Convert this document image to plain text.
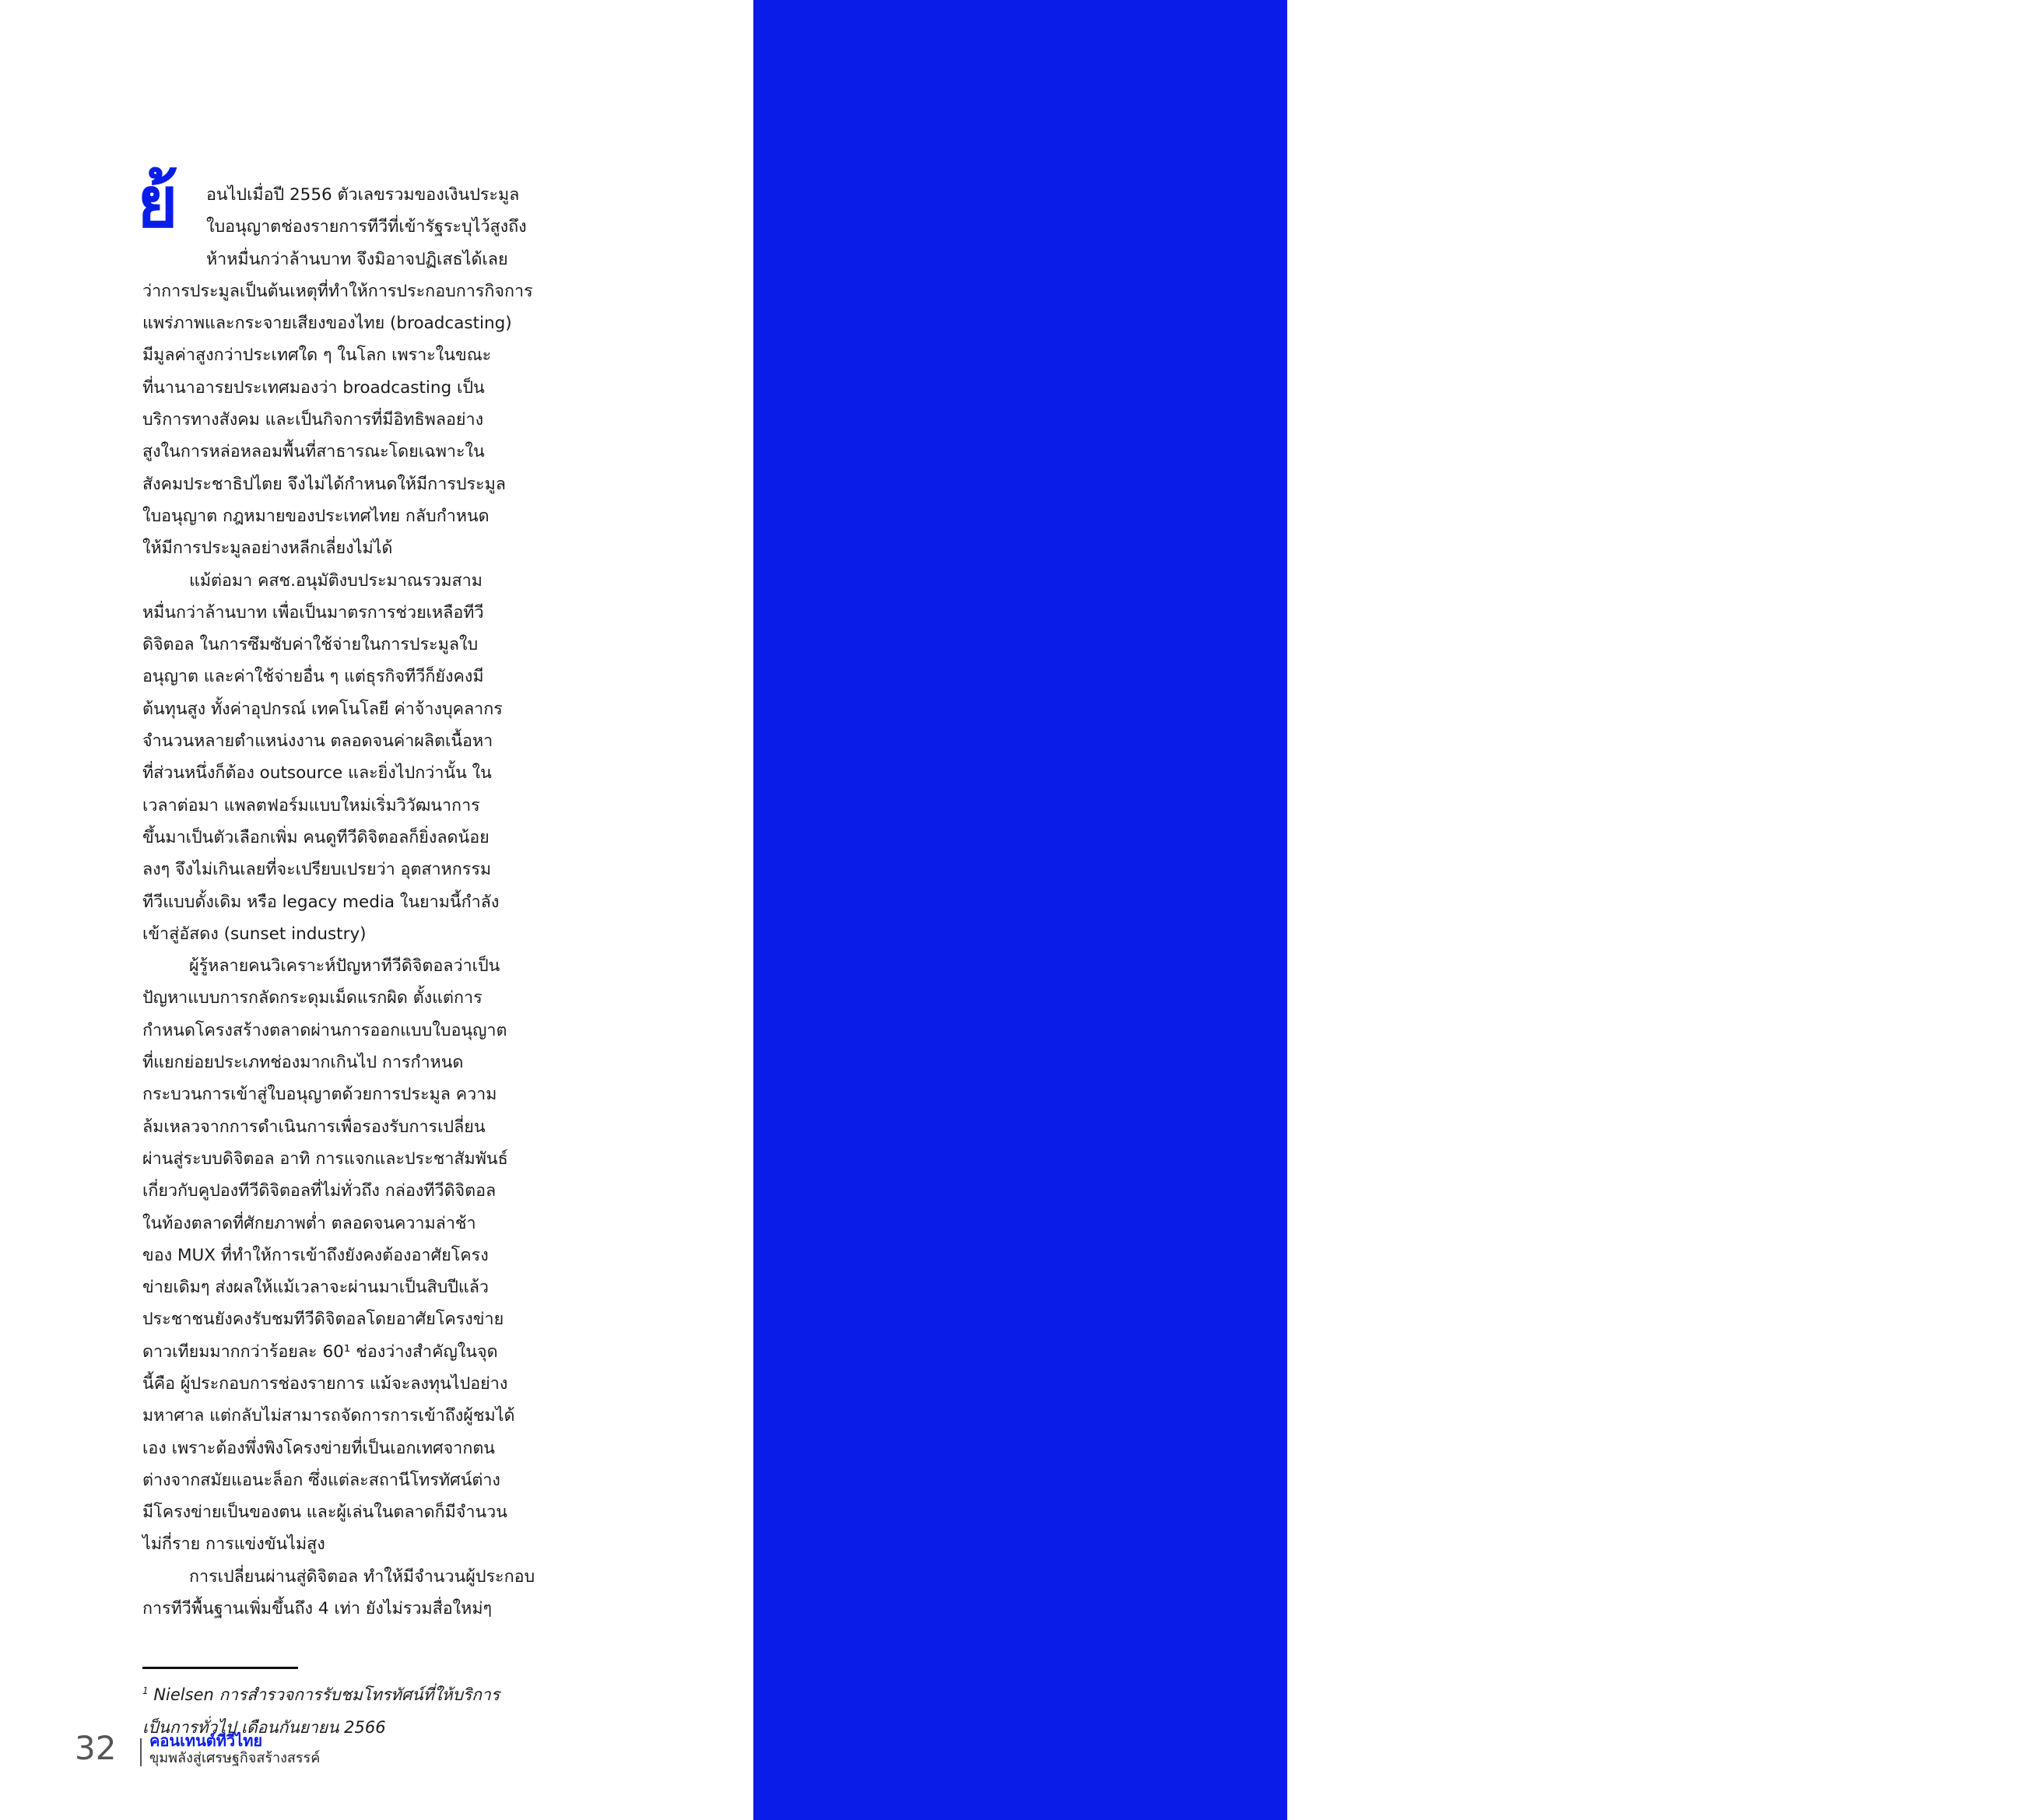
ย้	อนไปเมื่อปี 2556 ตัวเลขรวมของเงินประมูล
ใบอนุญาตช่องรายการทีวีที่เข้ารัฐระบุไว้สูงถึง
ห้าหมื่นกว่าล้านบาท จึงมิอาจปฏิเสธได้เลย
ว่าการประมูลเป็นต้นเหตุที่ทำให้การประกอบการกิจการ
แพร่ภาพและกระจายเสียงของไทย (broadcasting)
มีมูลค่าสูงกว่าประเทศใด ๆ ในโลก เพราะในขณะ
ที่นานาอารยประเทศมองว่า broadcasting เป็น
บริการทางสังคม และเป็นกิจการที่มีอิทธิพลอย่าง
สูงในการหล่อหลอมพื้นที่สาธารณะโดยเฉพาะใน
สังคมประชาธิปไตย จึงไม่ได้กำหนดให้มีการประมูล
ใบอนุญาต กฎหมายของประเทศไทย กลับกำหนด
ให้มีการประมูลอย่างหลีกเลี่ยงไม่ได้
แม้ต่อมา คสช.อนุมัติงบประมาณรวมสาม
หมื่นกว่าล้านบาท เพื่อเป็นมาตรการช่วยเหลือทีวี
ดิจิตอล ในการซึมซับค่าใช้จ่ายในการประมูลใบ
อนุญาต และค่าใช้จ่ายอื่น ๆ แต่ธุรกิจทีวีก็ยังคงมี
ต้นทุนสูง ทั้งค่าอุปกรณ์ เทคโนโลยี ค่าจ้างบุคลากร
จำนวนหลายตำแหน่งงาน ตลอดจนค่าผลิตเนื้อหา
ที่ส่วนหนึ่งก็ต้อง outsource และยิ่งไปกว่านั้น ใน
เวลาต่อมา แพลตฟอร์มแบบใหม่เริ่มวิวัฒนาการ
ขึ้นมาเป็นตัวเลือกเพิ่ม คนดูทีวีดิจิตอลก็ยิ่งลดน้อย
ลงๆ จึงไม่เกินเลยที่จะเปรียบเปรยว่า อุตสาหกรรม
ทีวีแบบดั้งเดิม หรือ legacy media ในยามนี้กำลัง
เข้าสู่อัสดง (sunset industry)
ผู้รู้หลายคนวิเคราะห์ปัญหาทีวีดิจิตอลว่าเป็น
ปัญหาแบบการกลัดกระดุมเม็ดแรกผิด ตั้งแต่การ
กำหนดโครงสร้างตลาดผ่านการออกแบบใบอนุญาต
ที่แยกย่อยประเภทช่องมากเกินไป การกำหนด
กระบวนการเข้าสู่ใบอนุญาตด้วยการประมูล ความ
ล้มเหลวจากการดำเนินการเพื่อรองรับการเปลี่ยน
ผ่านสู่ระบบดิจิตอล อาทิ การแจกและประชาสัมพันธ์
เกี่ยวกับคูปองทีวีดิจิตอลที่ไม่ทั่วถึง กล่องทีวีดิจิตอล
ในท้องตลาดที่ศักยภาพต่ำ ตลอดจนความล่าช้า
ของ MUX ที่ทำให้การเข้าถึงยังคงต้องอาศัยโครง
ข่ายเดิมๆ ส่งผลให้แม้เวลาจะผ่านมาเป็นสิบปีแล้ว
ประชาชนยังคงรับชมทีวีดิจิตอลโดยอาศัยโครงข่าย
ดาวเทียมมากกว่าร้อยละ 60¹ ช่องว่างสำคัญในจุด
นี้คือ ผู้ประกอบการช่องรายการ แม้จะลงทุนไปอย่าง
มหาศาล แต่กลับไม่สามารถจัดการการเข้าถึงผู้ชมได้
เอง เพราะต้องพึ่งพิงโครงข่ายที่เป็นเอกเทศจากตน
ต่างจากสมัยแอนะล็อก ซึ่งแต่ละสถานีโทรทัศน์ต่าง
มีโครงข่ายเป็นของตน และผู้เล่นในตลาดก็มีจำนวน
ไม่กี่ราย การแข่งขันไม่สูง
การเปลี่ยนผ่านสู่ดิจิตอล ทำให้มีจำนวนผู้ประกอบ
การทีวีพื้นฐานเพิ่มขึ้นถึง 4 เท่า ยังไม่รวมสื่อใหม่ๆ
$^1$ Nielsen การสำรวจการรับชมโทรทัศน์ที่ให้บริการ
เป็นการทั่วไป เดือนกันยายน 2566
32 คอนเทนต์ทีวีไทย
ขุมพลังสู่เศรษฐกิจสร้างสรรค์
ผู้รู้หลายคน
วิเคราะห์ปัญหา
ทีวีดิจิตอลว่า
เป็นปัญหาแบบ
การกลัดกระดุม
เม็ดแรกผิด
ตั้งแต่การกำหนด
โครงสร้างตลาด
ผ่านการออกแบบ
ใบอนุญาต
ที่แยกย่อย
ประเภทช่อง
มากเกินไป
การกำหนด
กระบวนการ
เข้าสู่ใบอนุญาต
ด้วยการประมูล
ความล้มเหลวจาก
การดำเนินการ
เพื่อรองรับ
การเปลี่ยนผ่าน
สู่ระบบดิจิตอล
